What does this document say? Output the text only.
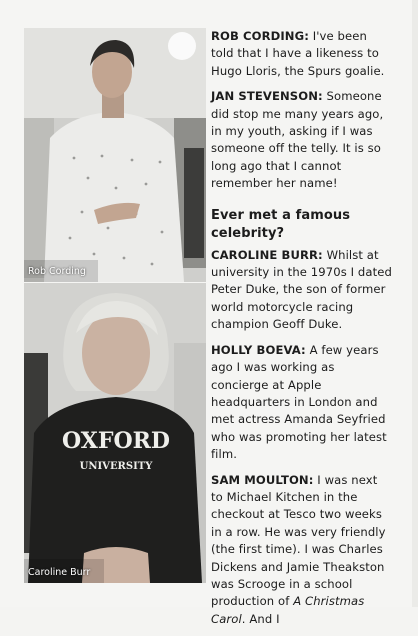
Rob Cording
OXFORD
UNIVERSITY
Caroline Burr

ROB CORDING: I've been told that I have a likeness to Hugo Lloris, the Spurs goalie.

JAN STEVENSON: Someone did stop me many years ago, in my youth, asking if I was someone off the telly. It is so long ago that I cannot remember her name!

Ever met a famous celebrity?

CAROLINE BURR: Whilst at university in the 1970s I dated Peter Duke, the son of former world motorcycle racing champion Geoff Duke.

HOLLY BOEVA: A few years ago I was working as concierge at Apple headquarters in London and met actress Amanda Seyfried who was promoting her latest film.

SAM MOULTON: I was next to Michael Kitchen in the checkout at Tesco two weeks in a row. He was very friendly (the first time). I was Charles Dickens and Jamie Theakston was Scrooge in a school production of A Christmas Carol. And I
